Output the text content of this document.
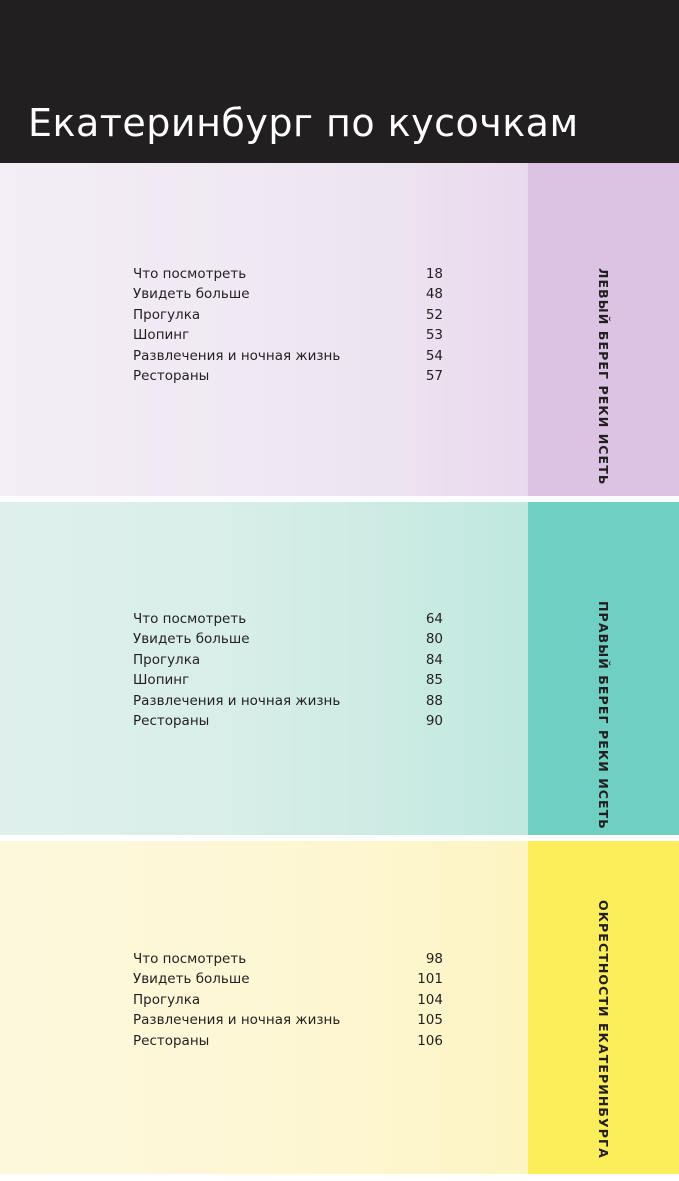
Екатеринбург по кусочкам
Что посмотреть	18
Увидеть больше	48
Прогулка	52
Шопинг	53
Развлечения и ночная жизнь	54
Рестораны	57	ЛЕВЫЙ БЕРЕГ РЕКИ ИСЕТЬ
Что посмотреть	64
Увидеть больше	80
Прогулка	84
Шопинг	85
Развлечения и ночная жизнь	88
Рестораны	90	ПРАВЫЙ БЕРЕГ РЕКИ ИСЕТЬ
Что посмотреть	98
Увидеть больше	101
Прогулка	104
Развлечения и ночная жизнь	105
Рестораны	106	ОКРЕСТНОСТИ ЕКАТЕРИНБУРГА
